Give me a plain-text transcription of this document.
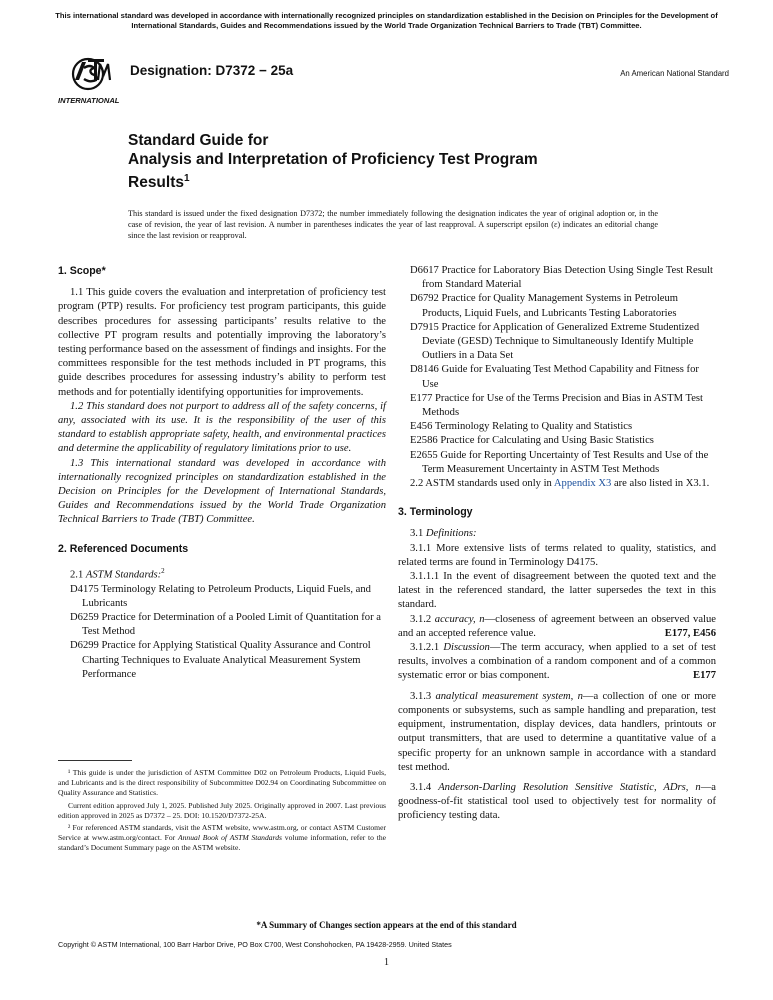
This international standard was developed in accordance with internationally recognized principles on standardization established in the Decision on Principles for the Development of International Standards, Guides and Recommendations issued by the World Trade Organization Technical Barriers to Trade (TBT) Committee.
INTERNATIONAL
Designation: D7372 − 25a	An American National Standard
Standard Guide for
Analysis and Interpretation of Proficiency Test Program
Results$^1$
This standard is issued under the fixed designation D7372; the number immediately following the designation indicates the year of original adoption or, in the case of revision, the year of last revision. A number in parentheses indicates the year of last reapproval. A superscript epsilon (ε) indicates an editorial change since the last revision or reapproval.

1. Scope*

1.1 This guide covers the evaluation and interpretation of proficiency test program (PTP) results. For proficiency test program participants, this guide describes procedures for assessing participants’ results relative to the collective PT program results and potentially improving the laboratory’s testing performance based on the assessment of findings and insights. For the committees responsible for the test methods included in PT programs, this guide describes procedures for assessing industry’s ability to perform test methods and for potentially identifying opportunities for improvements.

1.2 This standard does not purport to address all of the safety concerns, if any, associated with its use. It is the responsibility of the user of this standard to establish appropriate safety, health, and environmental practices and determine the applicability of regulatory limitations prior to use.

1.3 This international standard was developed in accordance with internationally recognized principles on standardization established in the Decision on Principles for the Development of International Standards, Guides and Recommendations issued by the World Trade Organization Technical Barriers to Trade (TBT) Committee.

2. Referenced Documents

2.1 ASTM Standards:$^2$

D4175 Terminology Relating to Petroleum Products, Liquid Fuels, and Lubricants

D6259 Practice for Determination of a Pooled Limit of Quantitation for a Test Method

D6299 Practice for Applying Statistical Quality Assurance and Control Charting Techniques to Evaluate Analytical Measurement System Performance

¹ This guide is under the jurisdiction of ASTM Committee D02 on Petroleum Products, Liquid Fuels, and Lubricants and is the direct responsibility of Subcommittee D02.94 on Coordinating Subcommittee on Quality Assurance and Statistics.

Current edition approved July 1, 2025. Published July 2025. Originally approved in 2007. Last previous edition approved in 2025 as D7372 – 25. DOI: 10.1520/D7372-25A.

² For referenced ASTM standards, visit the ASTM website, www.astm.org, or contact ASTM Customer Service at www.astm.org/contact. For Annual Book of ASTM Standards volume information, refer to the standard’s Document Summary page on the ASTM website.

D6617 Practice for Laboratory Bias Detection Using Single Test Result from Standard Material

D6792 Practice for Quality Management Systems in Petroleum Products, Liquid Fuels, and Lubricants Testing Laboratories

D7915 Practice for Application of Generalized Extreme Studentized Deviate (GESD) Technique to Simultaneously Identify Multiple Outliers in a Data Set

D8146 Guide for Evaluating Test Method Capability and Fitness for Use

E177 Practice for Use of the Terms Precision and Bias in ASTM Test Methods

E456 Terminology Relating to Quality and Statistics

E2586 Practice for Calculating and Using Basic Statistics

E2655 Guide for Reporting Uncertainty of Test Results and Use of the Term Measurement Uncertainty in ASTM Test Methods

2.2 ASTM standards used only in Appendix X3 are also listed in X3.1.

3. Terminology

3.1 Definitions:

3.1.1 More extensive lists of terms related to quality, statistics, and related terms are found in Terminology D4175.

3.1.1.1 In the event of disagreement between the quoted text and the latest in the referenced standard, the latter supersedes the text in this standard.

3.1.2 accuracy, n—closeness of agreement between an observed value and an accepted reference value.	E177, E456

3.1.2.1 Discussion—The term accuracy, when applied to a set of test results, involves a combination of a random component and of a common systematic error or bias component.	E177

3.1.3 analytical measurement system, n—a collection of one or more components or subsystems, such as sample handling and preparation, test equipment, instrumentation, display devices, data handlers, printouts or output transmitters, that are used to determine a quantitative value of a specific property for an unknown sample in accordance with a standard test method.

3.1.4 Anderson-Darling Resolution Sensitive Statistic, ADrs, n—a goodness-of-fit statistical tool used to objectively test for normality of proficiency testing data.

*A Summary of Changes section appears at the end of this standard
Copyright © ASTM International, 100 Barr Harbor Drive, PO Box C700, West Conshohocken, PA 19428-2959. United States
1
